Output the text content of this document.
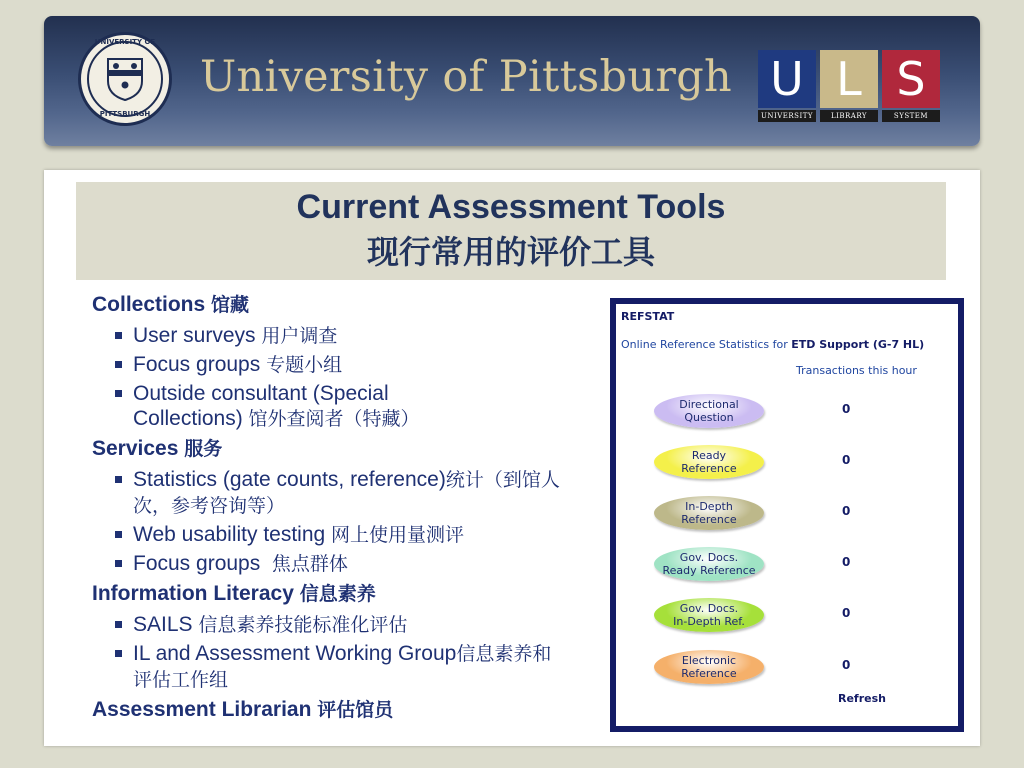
UNIVERSITY OF
PITTSBURGH
University of Pittsburgh U
UNIVERSITY
L
LIBRARY
S
SYSTEM
Current Assessment Tools
现行常用的评价工具
Collections 馆藏
User surveys 用户调查
Focus groups 专题小组
Outside consultant (Special Collections) 馆外查阅者（特藏）
Services 服务
Statistics (gate counts, reference)统计（到馆人次，参考咨询等）
Web usability testing 网上使用量测评
Focus groups  焦点群体
Information Literacy 信息素养
SAILS 信息素养技能标准化评估
IL and Assessment Working Group信息素养和评估工作组
Assessment Librarian 评估馆员
REFSTAT
Online Reference Statistics for ETD Support (G-7 HL)
Transactions this hour
Directional
Question
0
Ready
Reference
0
In-Depth
Reference
0
Gov. Docs.
Ready Reference
0
Gov. Docs.
In-Depth Ref.
0
Electronic
Reference
0
Refresh
